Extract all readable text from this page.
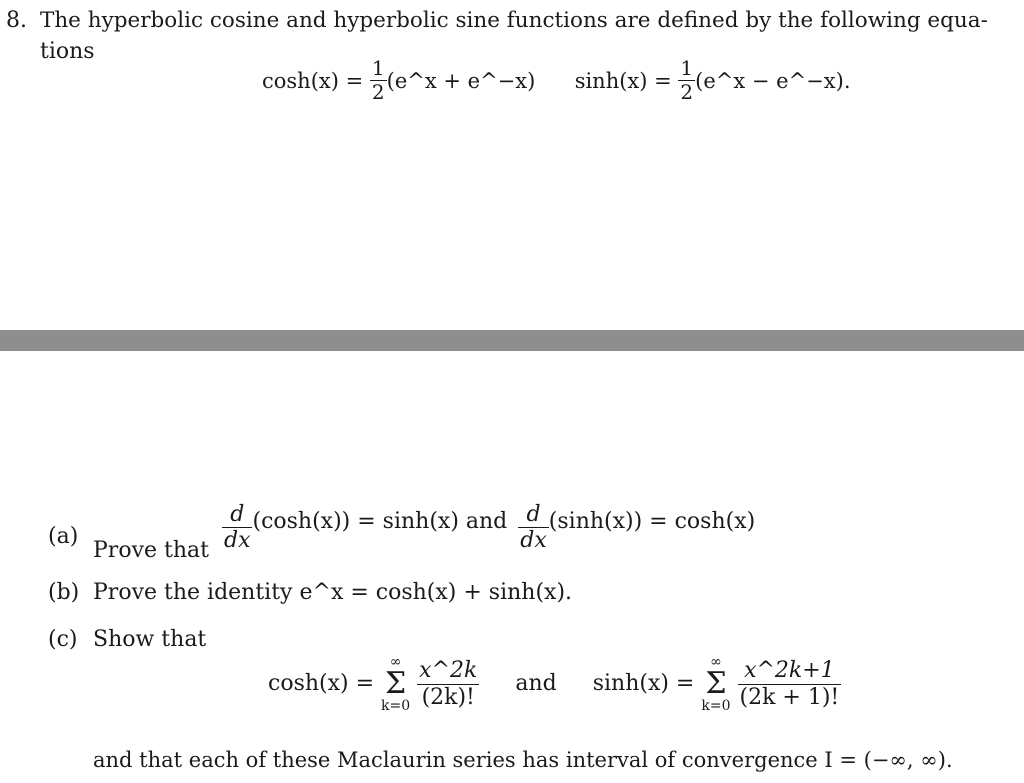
8. The hyperbolic cosine and hyperbolic sine functions are defined by the following equa-
tions
$\cosh(x) = \frac{1}{2}$ (e^x + e^−x) $\sinh(x) = \frac{1}{2}$ (e^x − e^−x).
(a)
Prove that $\frac{d}{dx} (\cosh(x)) = \sinh(x)$ and $\frac{d}{dx} (\sinh(x)) = \cosh(x)$
(b) Prove the identity e^x = cosh(x) + sinh(x).
(c) Show that
cosh(x) =
∞
Σ
k=0
$\frac{x\^{}2k}{(2k)!}$ and sinh(x) =
∞
Σ
k=0
$\frac{x\^{}2k+1}{(2k + 1)!}$
and that each of these Maclaurin series has interval of convergence I = (−∞, ∞).
